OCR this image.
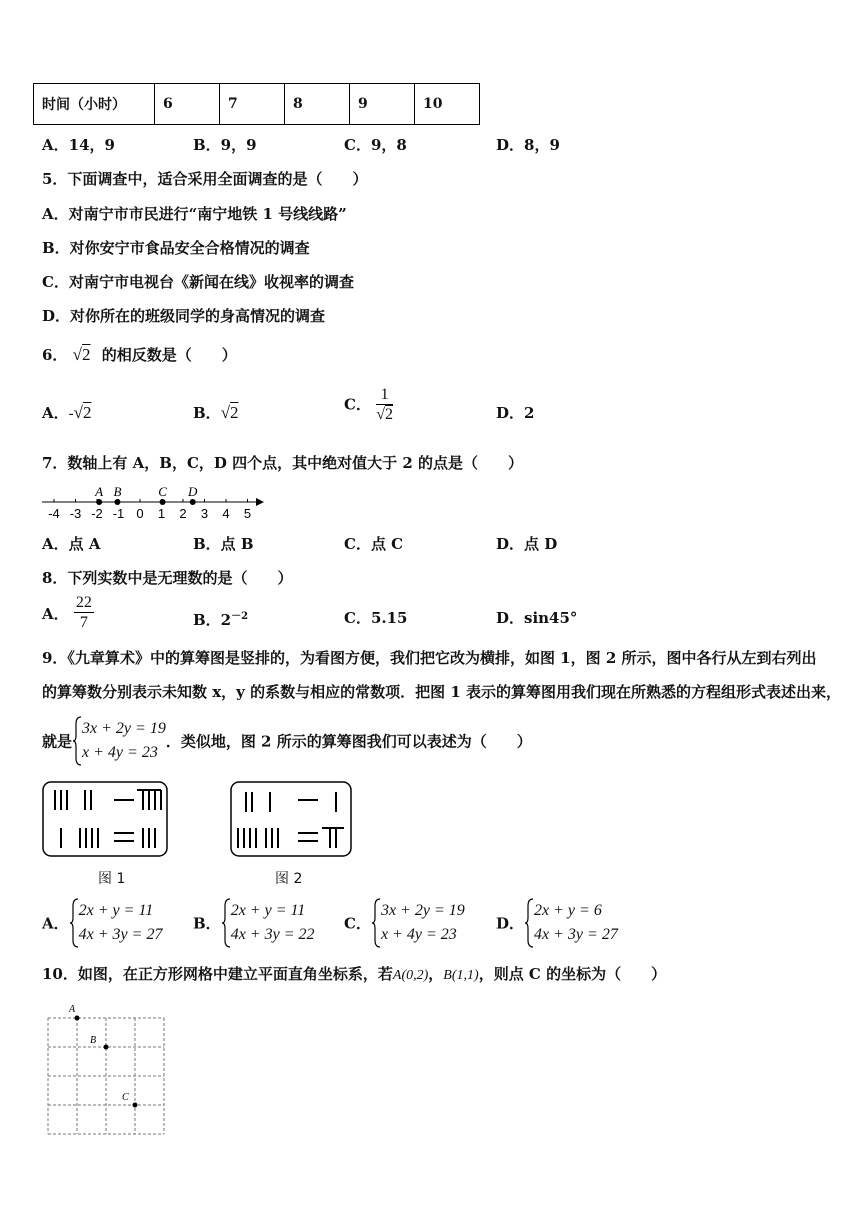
时间（小时）	6	7	8	9	10
A．14，9	B．9，9	C．9，8	D．8，9
5．下面调查中，适合采用全面调查的是（　　）
A．对南宁市市民进行“南宁地铁 1 号线线路”
B．对你安宁市食品安全合格情况的调查
C．对南宁市电视台《新闻在线》收视率的调查
D．对你所在的班级同学的身高情况的调查
6． √2 的相反数是（　　）
A．-√2	B．√2	C． $\frac{1}{√2}$	D．2
7．数轴上有 A，B，C，D 四个点，其中绝对值大于 2 的点是（　　）
-4 -3 -2 -1 0 1 2 3 4 5
A B	C D
A．点 A	B．点 B	C．点 C	D．点 D
8．下列实数中是无理数的是（　　）
A． $\frac{22}{7}$	B．$2^{-2}$	C．5.15	D．sin45°
9．《九章算术》中的算筹图是竖排的，为看图方便，我们把它改为横排，如图 1，图 2 所示，图中各行从左到右列出
的算筹数分别表示未知数 x，y 的系数与相应的常数项．把图 1 表示的算筹图用我们现在所熟悉的方程组形式表述出来，
就是
3x + 2y = 19
x + 4y = 23
．类似地，图 2 所示的算筹图我们可以表述为（　　）
图 1	图 2
A．
2x + y = 11
4x + 3y = 27
B．
2x + y = 11
4x + 3y = 22
C．
3x + 2y = 19
x + 4y = 23
D．
2x + y = 6
4x + 3y = 27
10．如图，在正方形网格中建立平面直角坐标系，若A(0,2)，B(1,1)，则点 C 的坐标为（　　）
A
B
C
